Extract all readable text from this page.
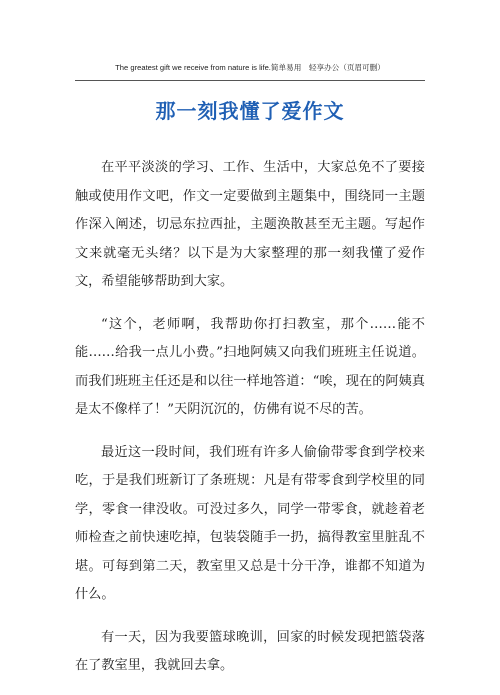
The greatest gift we receive from nature is life.简单易用　轻享办公（页眉可删）
那一刻我懂了爱作文

在平平淡淡的学习、工作、生活中，大家总免不了要接触或使用作文吧，作文一定要做到主题集中，围绕同一主题作深入阐述，切忌东拉西扯，主题涣散甚至无主题。写起作文来就毫无头绪？以下是为大家整理的那一刻我懂了爱作文，希望能够帮助到大家。

“这个，老师啊，我帮助你打扫教室，那个……能不能……给我一点儿小费。”扫地阿姨又向我们班班主任说道。而我们班班主任还是和以往一样地答道：“唉，现在的阿姨真是太不像样了！”天阴沉沉的，仿佛有说不尽的苦。

最近这一段时间，我们班有许多人偷偷带零食到学校来吃，于是我们班新订了条班规：凡是有带零食到学校里的同学，零食一律没收。可没过多久，同学一带零食，就趁着老师检查之前快速吃掉，包装袋随手一扔，搞得教室里脏乱不堪。可每到第二天，教室里又总是十分干净，谁都不知道为什么。

有一天，因为我要篮球晚训，回家的时候发现把篮袋落在了教室里，我就回去拿。
